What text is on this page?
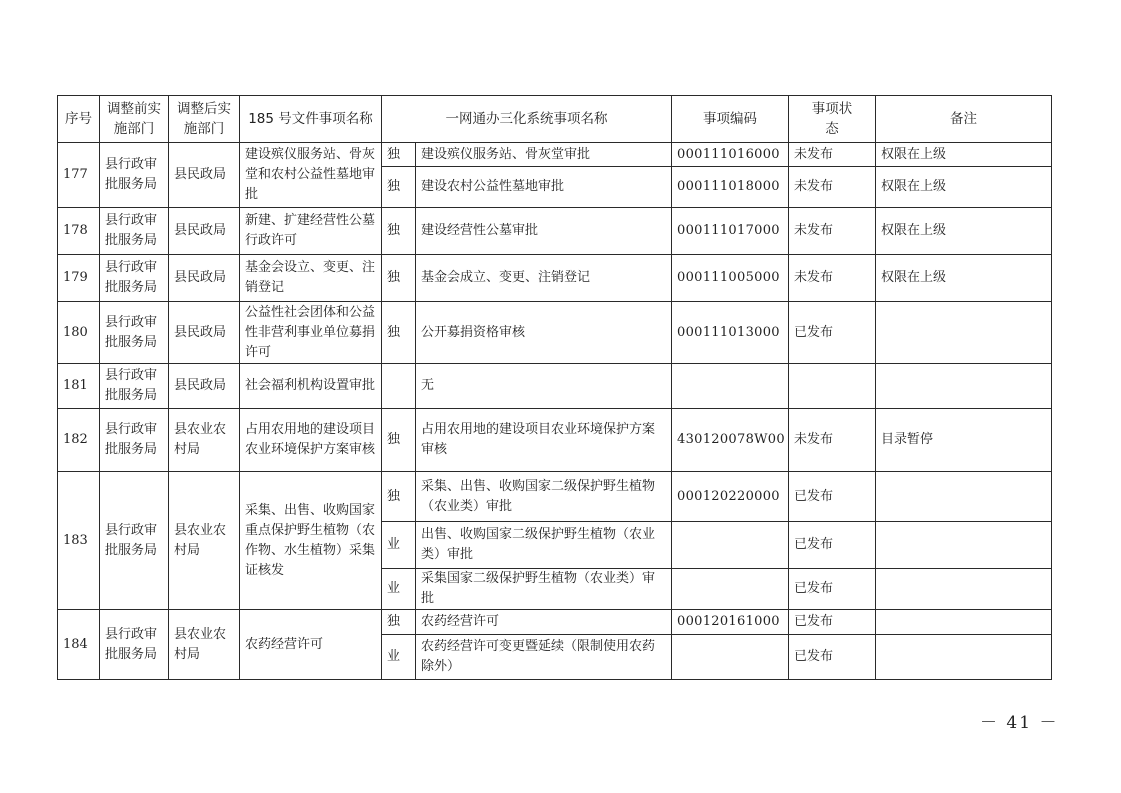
序号	调整前实施部门	调整后实施部门	185 号文件事项名称	一网通办三化系统事项名称		事项编码	事项状态	备注
177	县行政审批服务局	县民政局	建设殡仪服务站、骨灰堂和农村公益性墓地审批	独	建设殡仪服务站、骨灰堂审批	000111016000	未发布	权限在上级
				独	建设农村公益性墓地审批	000111018000	未发布	权限在上级
178	县行政审批服务局	县民政局	新建、扩建经营性公墓行政许可	独	建设经营性公墓审批	000111017000	未发布	权限在上级
179	县行政审批服务局	县民政局	基金会设立、变更、注销登记	独	基金会成立、变更、注销登记	000111005000	未发布	权限在上级
180	县行政审批服务局	县民政局	公益性社会团体和公益性非营利事业单位募捐许可	独	公开募捐资格审核	000111013000	已发布	
181	县行政审批服务局	县民政局	社会福利机构设置审批		无			
182	县行政审批服务局	县农业农村局	占用农用地的建设项目农业环境保护方案审核	独	占用农用地的建设项目农业环境保护方案审核	430120078W00	未发布	目录暂停
183	县行政审批服务局	县农业农村局	采集、出售、收购国家重点保护野生植物（农作物、水生植物）采集证核发	独	采集、出售、收购国家二级保护野生植物（农业类）审批	000120220000	已发布	
				业	出售、收购国家二级保护野生植物（农业类）审批		已发布	
				业	采集国家二级保护野生植物（农业类）审批		已发布	
184	县行政审批服务局	县农业农村局	农药经营许可	独	农药经营许可	000120161000	已发布	
				业	农药经营许可变更暨延续（限制使用农药除外）		已发布	
－ 41 －
